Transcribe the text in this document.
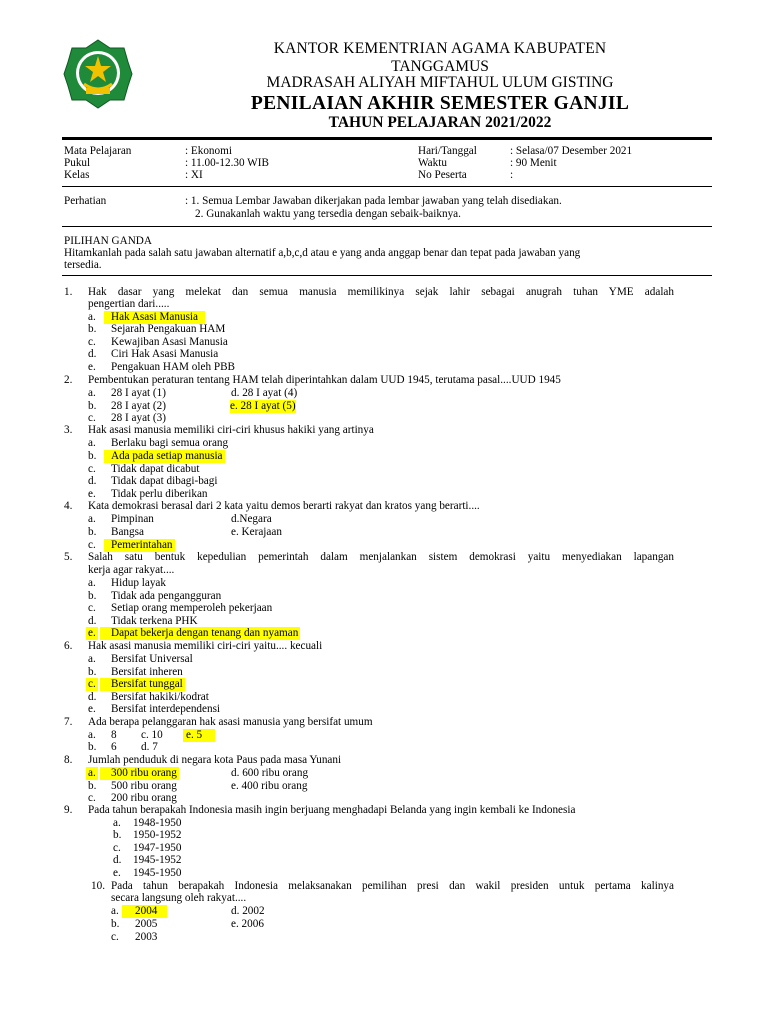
KANTOR KEMENTRIAN AGAMA KABUPATEN
TANGGAMUS
MADRASAH ALIYAH MIFTAHUL ULUM GISTING
PENILAIAN AKHIR SEMESTER GANJIL
TAHUN PELAJARAN 2021/2022
Mata Pelajaran	: Ekonomi	Hari/Tanggal	: Selasa/07 Desember 2021
Pukul	: 11.00-12.30 WIB	Waktu	: 90 Menit
Kelas	: XI	No Peserta	:
Perhatian	: 1. Semua Lembar Jawaban dikerjakan pada lembar jawaban yang telah disediakan.
2. Gunakanlah waktu yang tersedia dengan sebaik-baiknya.
PILIHAN GANDA
Hitamkanlah pada salah satu jawaban alternatif a,b,c,d atau e yang anda anggap benar dan tepat pada jawaban yang
tersedia.
1. Hak dasar yang melekat dan semua manusia memilikinya sejak lahir sebagai anugrah tuhan YME adalah
pengertian dari.....
a.	Hak Asasi Manusia
b. Sejarah Pengakuan HAM
c. Kewajiban Asasi Manusia
d. Ciri Hak Asasi Manusia
e. Pengakuan HAM oleh PBB
2. Pembentukan peraturan tentang HAM telah diperintahkan dalam UUD 1945, terutama pasal....UUD 1945
a. 28 I ayat (1)	d. 28 I ayat (4)
b. 28 I ayat (2)	e. 28 I ayat (5)
c. 28 I ayat (3)
3. Hak asasi manusia memiliki ciri-ciri khusus hakiki yang artinya
a. Berlaku bagi semua orang
b.	Ada pada setiap manusia
c. Tidak dapat dicabut
d. Tidak dapat dibagi-bagi
e. Tidak perlu diberikan
4. Kata demokrasi berasal dari 2 kata yaitu demos berarti rakyat dan kratos yang berarti....
a. Pimpinan	d.Negara
b. Bangsa	e. Kerajaan
c.	Pemerintahan
5. Salah satu bentuk kepedulian pemerintah dalam menjalankan sistem demokrasi yaitu menyediakan lapangan
kerja agar rakyat....
a. Hidup layak
b. Tidak ada pengangguran
c. Setiap orang memperoleh pekerjaan
d. Tidak terkena PHK
e.	Dapat bekerja dengan tenang dan nyaman
6. Hak asasi manusia memiliki ciri-ciri yaitu.... kecuali
a. Bersifat Universal
b. Bersifat inheren
c.	Bersifat tunggal
d. Bersifat hakiki/kodrat
e. Bersifat interdependensi
7. Ada berapa pelanggaran hak asasi manusia yang bersifat umum
a. 8 c. 10 e. 5
b. 6 d. 7
8. Jumlah penduduk di negara kota Paus pada masa Yunani
a.	300 ribu orang	d. 600 ribu orang
b. 500 ribu orang	e. 400 ribu orang
c. 200 ribu orang
9. Pada tahun berapakah Indonesia masih ingin berjuang menghadapi Belanda yang ingin kembali ke Indonesia
a. 1948-1950
b. 1950-1952
c. 1947-1950
d. 1945-1952
e. 1945-1950
10. Pada tahun berapakah Indonesia melaksanakan pemilihan presi dan wakil presiden untuk pertama kalinya
secara langsung oleh rakyat....
a.	2004	d. 2002
b. 2005	e. 2006
c. 2003
